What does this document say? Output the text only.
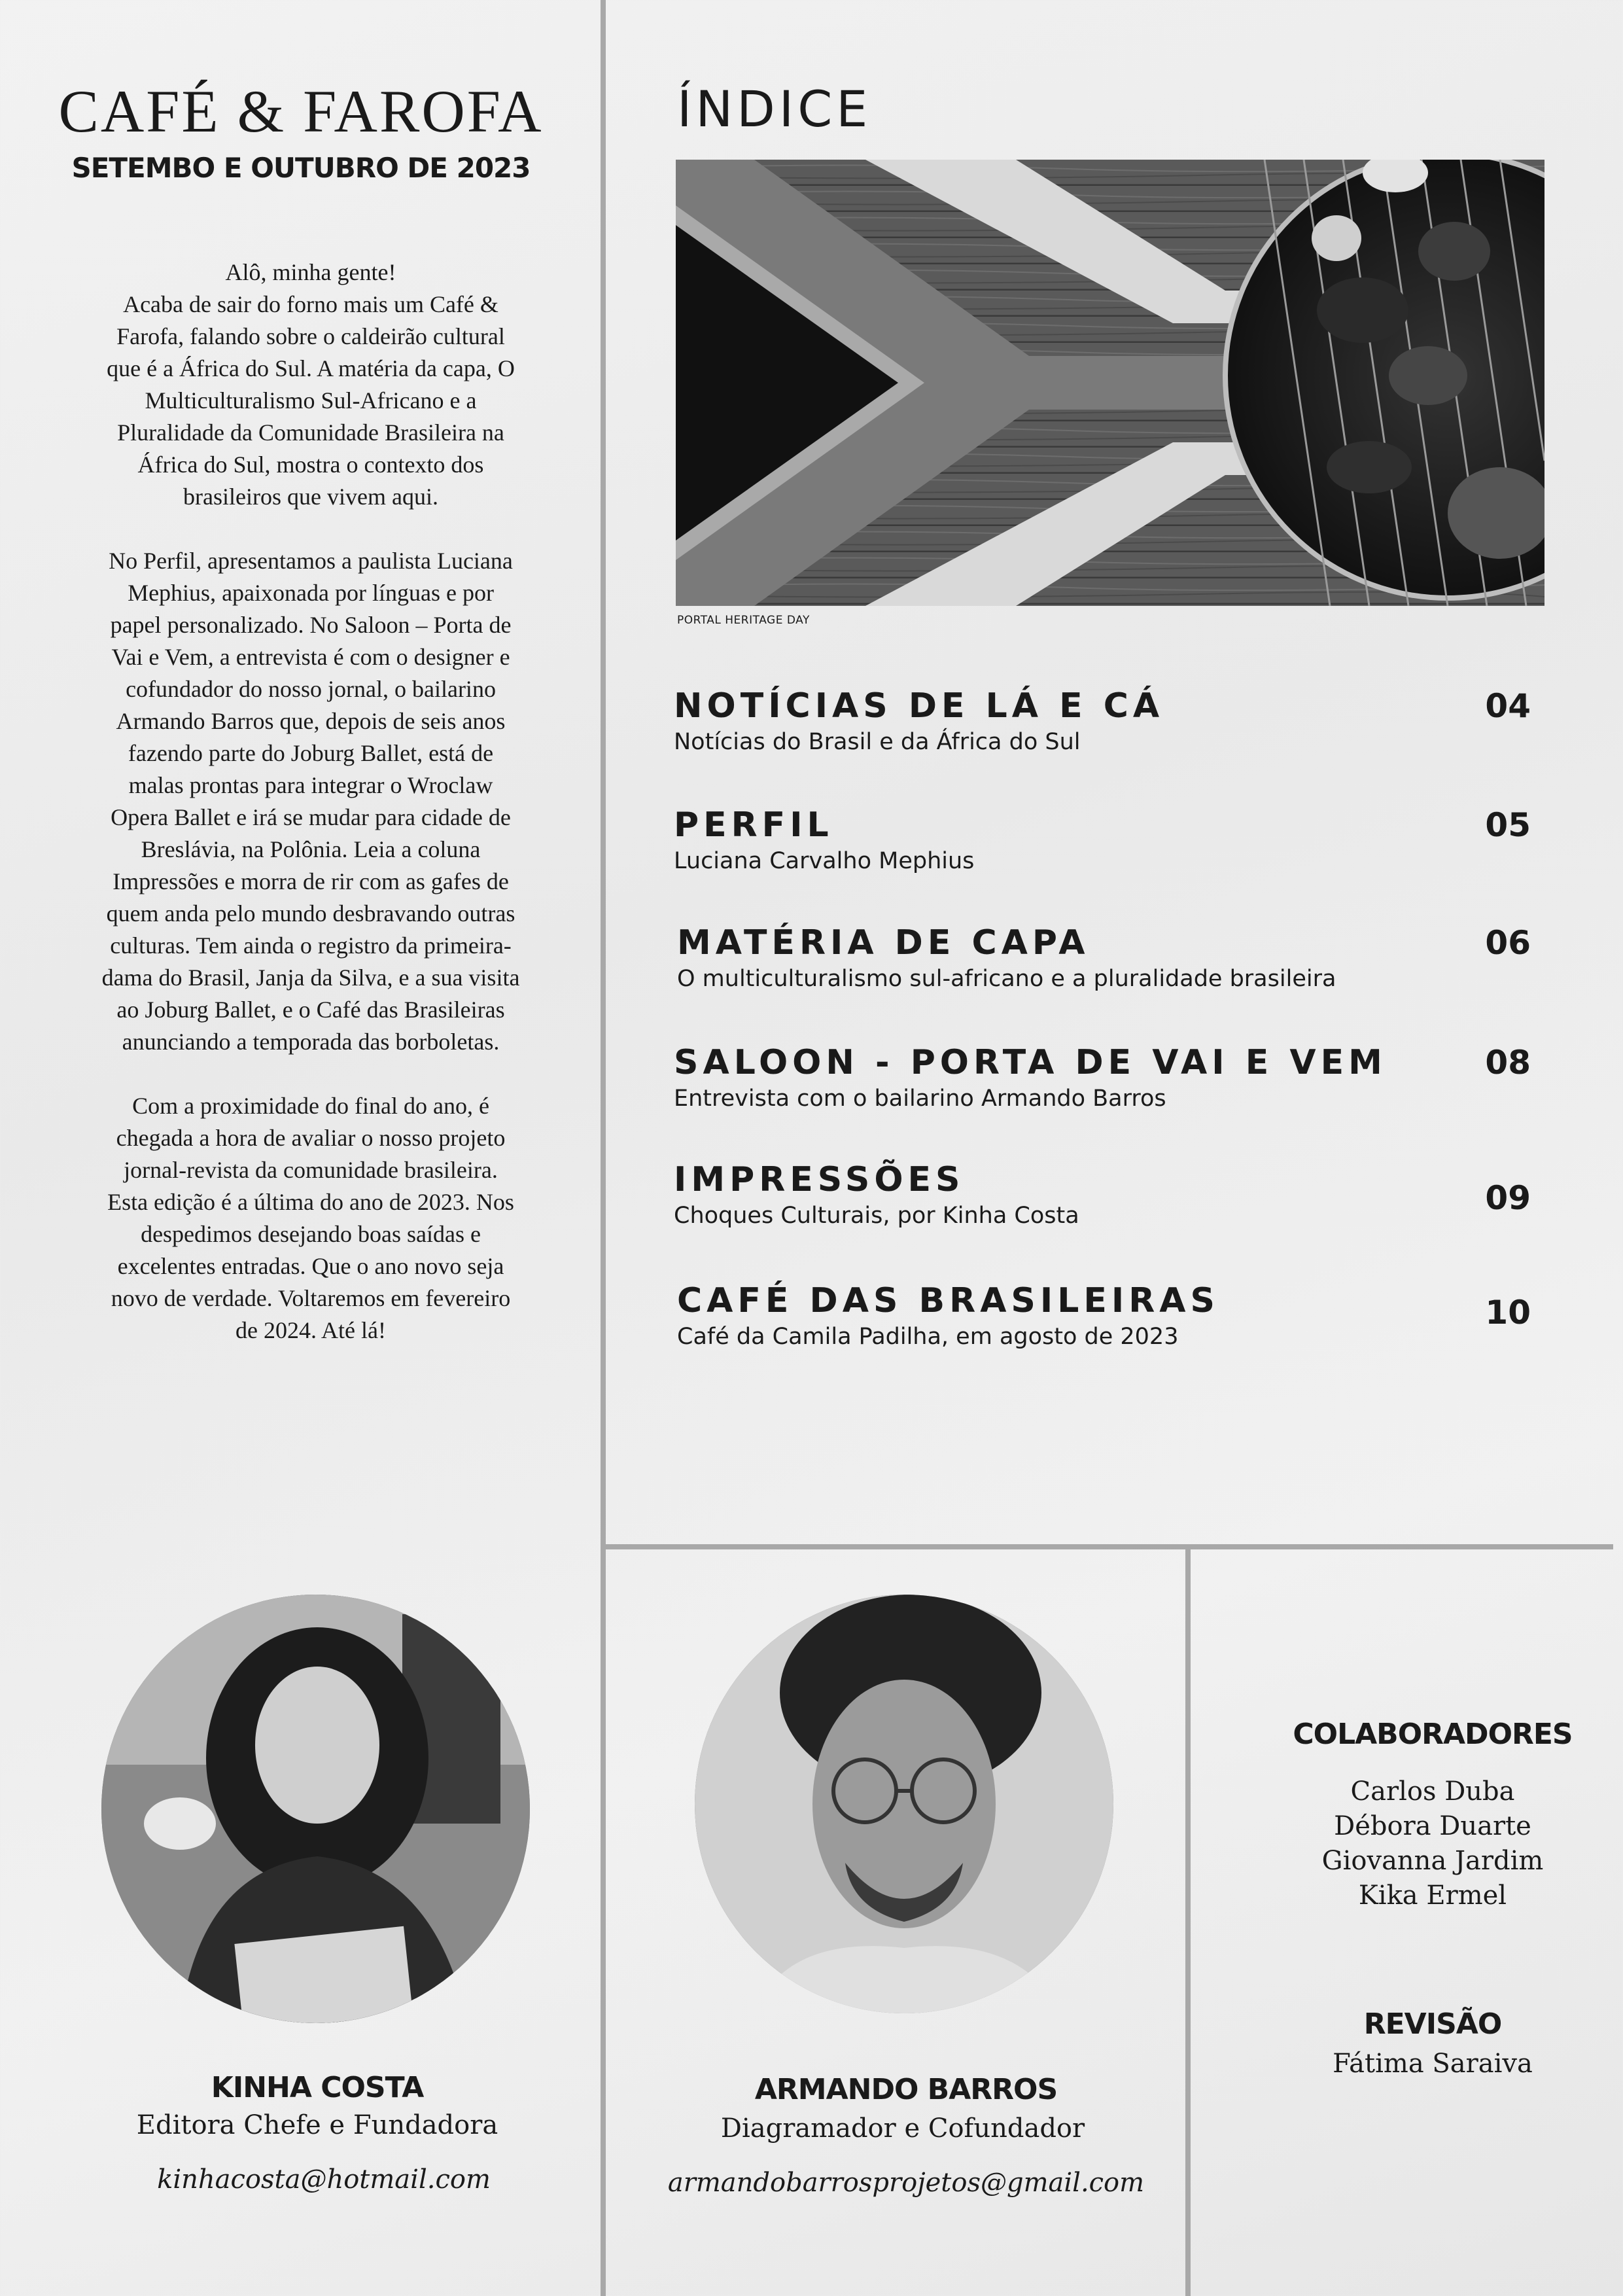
CAFÉ & FAROFA
SETEMBO E OUTUBRO DE 2023

Alô, minha gente!
Acaba de sair do forno mais um Café & Farofa, falando sobre o caldeirão cultural que é a África do Sul. A matéria da capa, O Multiculturalismo Sul-Africano e a Pluralidade da Comunidade Brasileira na África do Sul, mostra o contexto dos brasileiros que vivem aqui.

No Perfil, apresentamos a paulista Luciana Mephius, apaixonada por línguas e por papel personalizado. No Saloon – Porta de Vai e Vem, a entrevista é com o designer e cofundador do nosso jornal, o bailarino Armando Barros que, depois de seis anos fazendo parte do Joburg Ballet, está de malas prontas para integrar o Wroclaw Opera Ballet e irá se mudar para cidade de Breslávia, na Polônia. Leia a coluna Impressões e morra de rir com as gafes de quem anda pelo mundo desbravando outras culturas. Tem ainda o registro da primeira-dama do Brasil, Janja da Silva, e a sua visita ao Joburg Ballet, e o Café das Brasileiras anunciando a temporada das borboletas.

Com a proximidade do final do ano, é chegada a hora de avaliar o nosso projeto jornal-revista da comunidade brasileira. Esta edição é a última do ano de 2023. Nos despedimos desejando boas saídas e excelentes entradas. Que o ano novo seja novo de verdade. Voltaremos em fevereiro de 2024. Até lá!

ÍNDICE
PORTAL HERITAGE DAY
NOTÍCIAS DE LÁ E CÁ
Notícias do Brasil e da África do Sul
04
PERFIL
Luciana Carvalho Mephius
05
MATÉRIA DE CAPA
O multiculturalismo sul-africano e a pluralidade brasileira
06
SALOON - PORTA DE VAI E VEM
Entrevista com o bailarino Armando Barros
08
IMPRESSÕES
Choques Culturais, por Kinha Costa	09
CAFÉ DAS BRASILEIRAS
Café da Camila Padilha, em agosto de 2023
10
KINHA COSTA
Editora Chefe e Fundadora
kinhacosta@hotmail.com
ARMANDO BARROS
Diagramador e Cofundador
armandobarrosprojetos@gmail.com
COLABORADORES
Carlos Duba
Débora Duarte
Giovanna Jardim
Kika Ermel
REVISÃO
Fátima Saraiva
